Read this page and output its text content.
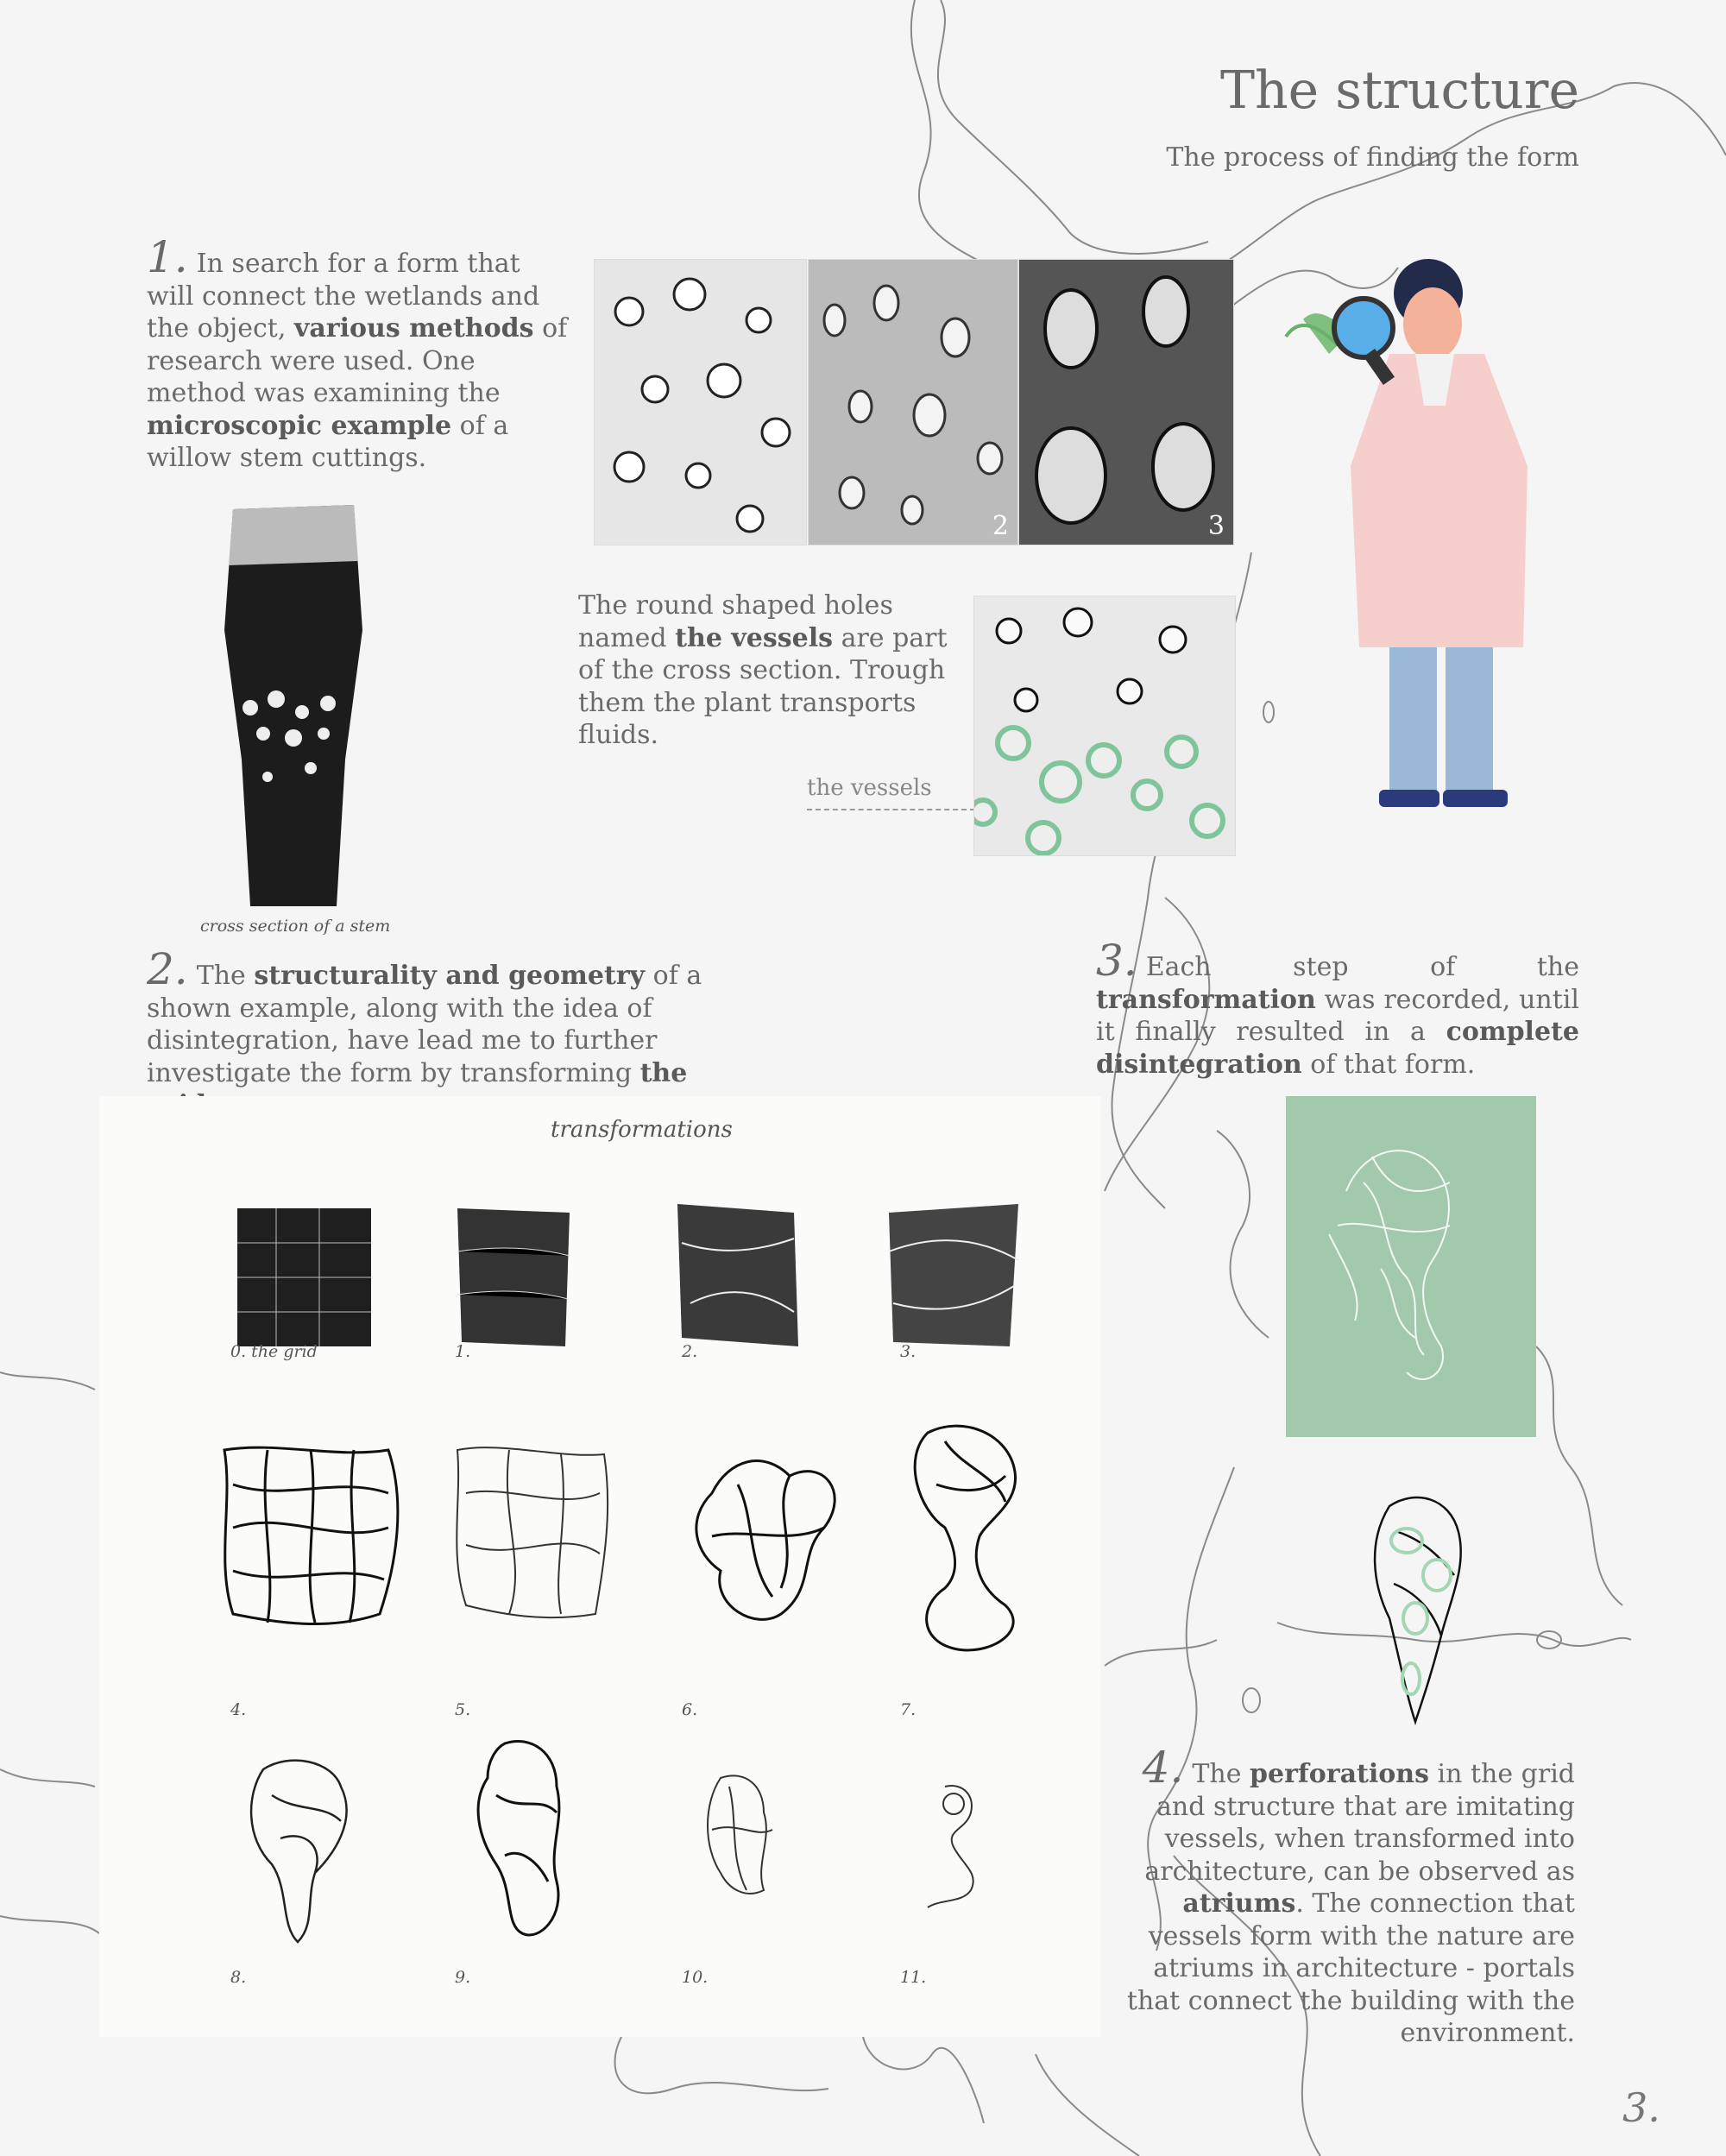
The structure
The process of finding the form
1. In search for a form that will connect the wetlands and the object, various methods of research were used. One method was examining the microscopic example of a willow stem cuttings.
cross section of a stem
2	3
The round shaped holes named the vessels are part of the cross section. Trough them the plant transports fluids.
the vessels
2. The structurality and geometry of a shown example, along with the idea of disintegration, have lead me to further investigate the form by transforming the
transformations
0. the grid	1.	2.	3.
4.	5.	6.	7.
8.	9.	10.	11.
3. Each step of the transformation was recorded, until it finally resulted in a complete disintegration of that form.
4. The perforations in the grid and structure that are imitating vessels, when transformed into architecture, can be observed as atriums. The connection that vessels form with the nature are atriums in architecture - portals that connect the building with the environment.
3.
